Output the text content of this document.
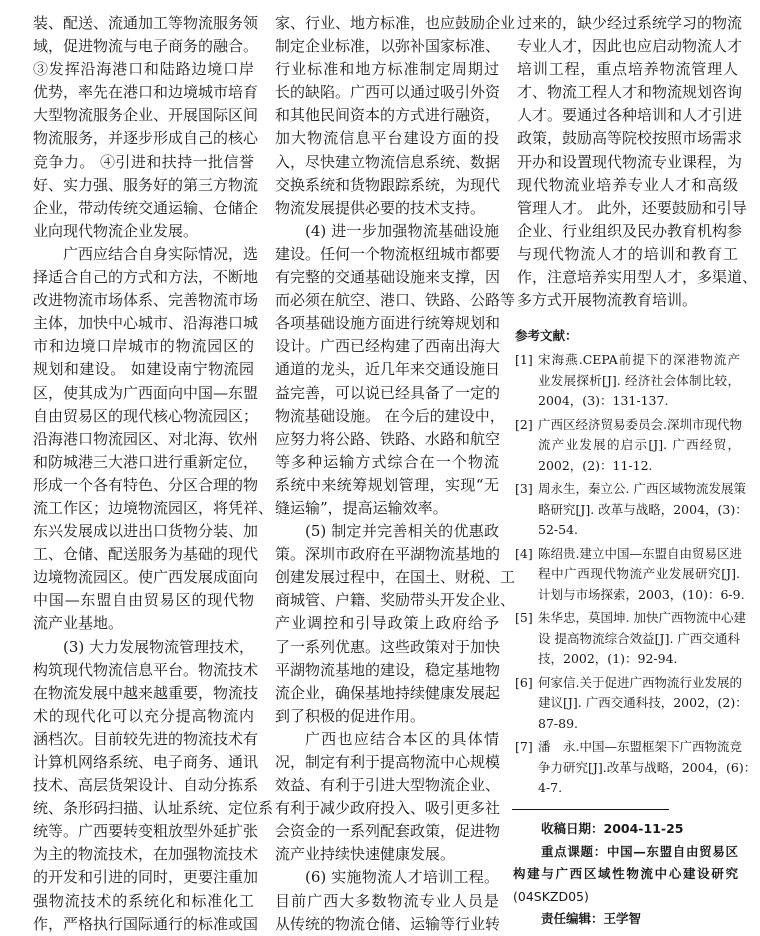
装、配送、流通加工等物流服务领
域，促进物流与电子商务的融合。
③发挥沿海港口和陆路边境口岸
优势，率先在港口和边境城市培育
大型物流服务企业、开展国际区间
物流服务，并逐步形成自己的核心
竞争力。 ④引进和扶持一批信誉
好、实力强、服务好的第三方物流
企业，带动传统交通运输、仓储企
业向现代物流企业发展。
广西应结合自身实际情况，选
择适合自己的方式和方法，不断地
改进物流市场体系、完善物流市场
主体，加快中心城市、沿海港口城
市和边境口岸城市的物流园区的
规划和建设。 如建设南宁物流园
区，使其成为广西面向中国—东盟
自由贸易区的现代核心物流园区；
沿海港口物流园区、对北海、钦州
和防城港三大港口进行重新定位，
形成一个各有特色、分区合理的物
流工作区；边境物流园区，将凭祥、
东兴发展成以进出口货物分装、加
工、仓储、配送服务为基础的现代
边境物流园区。使广西发展成面向
中国—东盟自由贸易区的现代物
流产业基地。
(3) 大力发展物流管理技术，
构筑现代物流信息平台。物流技术
在物流发展中越来越重要，物流技
术的现代化可以充分提高物流内
涵档次。目前较先进的物流技术有
计算机网络系统、电子商务、通讯
技术、高层货架设计、自动分拣系
统、条形码扫描、认址系统、定位系
统等。广西要转变粗放型外延扩张
为主的物流技术，在加强物流技术
的开发和引进的同时，更要注重加
强物流技术的系统化和标准化工
作，严格执行国际通行的标准或国
家、行业、地方标准，也应鼓励企业
制定企业标准，以弥补国家标准、
行业标准和地方标准制定周期过
长的缺陷。广西可以通过吸引外资
和其他民间资本的方式进行融资，
加大物流信息平台建设方面的投
入，尽快建立物流信息系统、数据
交换系统和货物跟踪系统，为现代
物流发展提供必要的技术支持。
(4) 进一步加强物流基础设施
建设。任何一个物流枢纽城市都要
有完整的交通基础设施来支撑，因
而必须在航空、港口、铁路、公路等
各项基础设施方面进行统筹规划和
设计。广西已经构建了西南出海大
通道的龙头，近几年来交通设施日
益完善，可以说已经具备了一定的
物流基础设施。 在今后的建设中，
应努力将公路、铁路、水路和航空
等多种运输方式综合在一个物流
系统中来统筹规划管理，实现“无
缝运输”，提高运输效率。
(5) 制定并完善相关的优惠政
策。深圳市政府在平湖物流基地的
创建发展过程中，在国土、财税、工
商城管、户籍、奖励带头开发企业、
产业调控和引导政策上政府给予
了一系列优惠。这些政策对于加快
平湖物流基地的建设，稳定基地物
流企业，确保基地持续健康发展起
到了积极的促进作用。
广西也应结合本区的具体情
况，制定有利于提高物流中心规模
效益、有利于引进大型物流企业、
有利于减少政府投入、吸引更多社
会资金的一系列配套政策，促进物
流产业持续快速健康发展。
(6) 实施物流人才培训工程。
目前广西大多数物流专业人员是
从传统的物流仓储、运输等行业转
过来的，缺少经过系统学习的物流
专业人才，因此也应启动物流人才
培训工程，重点培养物流管理人
才、物流工程人才和物流规划咨询
人才。要通过各种培训和人才引进
政策，鼓励高等院校按照市场需求
开办和设置现代物流专业课程，为
现代物流业培养专业人才和高级
管理人才。 此外，还要鼓励和引导
企业、行业组织及民办教育机构参
与现代物流人才的培训和教育工
作，注意培养实用型人才，多渠道、
多方式开展物流教育培训。
参考文献：
[1] 宋海燕.CEPA前提下的深港物流产
业发展探析[J]. 经济社会体制比较，
2004，(3)：131-137.
[2] 广西区经济贸易委员会.深圳市现代物
流产业发展的启示[J]. 广西经贸，
2002，(2)：11-12.
[3] 周永生，秦立公. 广西区域物流发展策
略研究[J]. 改革与战略，2004，(3)：
52-54.
[4] 陈绍贵.建立中国—东盟自由贸易区进
程中广西现代物流产业发展研究[J].
计划与市场探索，2003，(10)：6-9.
[5] 朱华忠，莫国坤. 加快广西物流中心建
设 提高物流综合效益[J]. 广西交通科
技，2002，(1)：92-94.
[6] 何家信.关于促进广西物流行业发展的
建议[J]. 广西交通科技，2002，(2)：
87-89.
[7] 潘　永.中国—东盟框架下广西物流竞
争力研究[J].改革与战略，2004，(6)：
4-7.
收稿日期：2004-11-25
重点课题：中国—东盟自由贸易区
构建与广西区域性物流中心建设研究
(04SKZD05)
责任编辑：王学智
